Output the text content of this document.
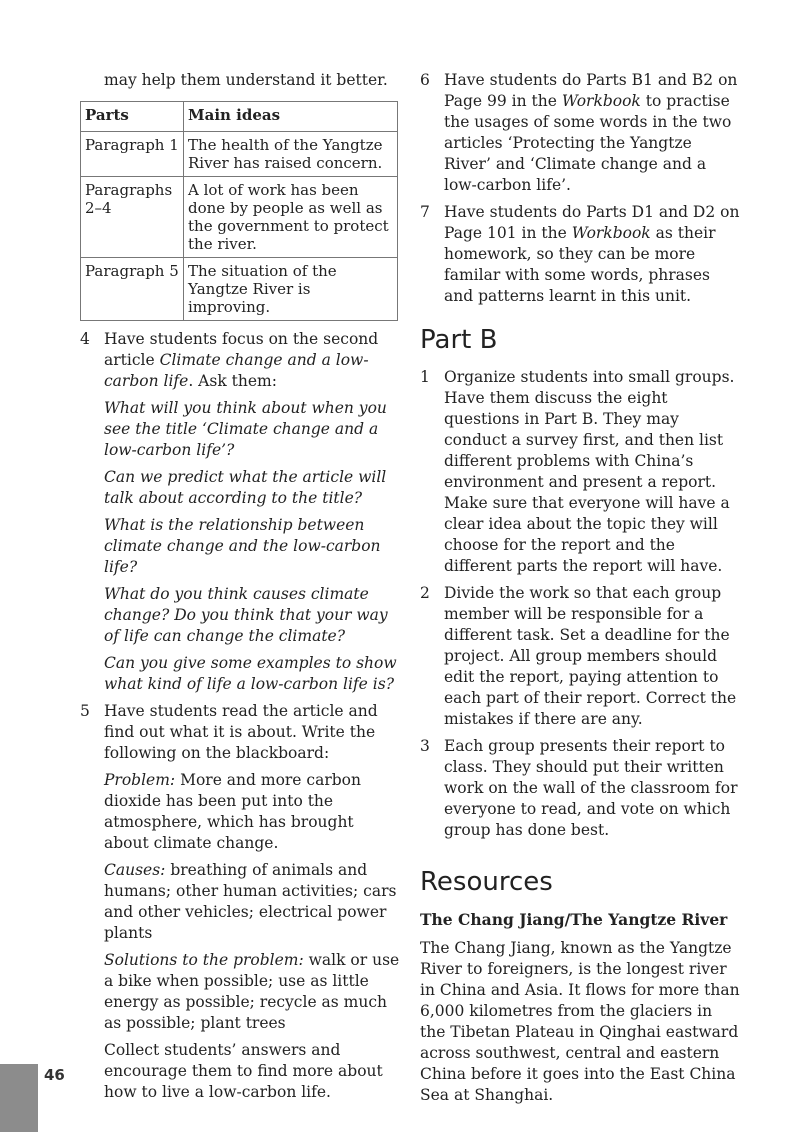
may help them understand it better.

Parts	Main ideas
Paragraph 1	The health of the Yangtze River has raised concern.
Paragraphs 2–4	A lot of work has been done by people as well as the government to protect the river.
Paragraph 5	The situation of the Yangtze River is improving.
4 Have students focus on the second article Climate change and a low-carbon life. Ask them:

What will you think about when you see the title ‘Climate change and a low-carbon life’?

Can we predict what the article will talk about according to the title?

What is the relationship between climate change and the low-carbon life?

What do you think causes climate change? Do you think that your way of life can change the climate?

Can you give some examples to show what kind of life a low-carbon life is?

5 Have students read the article and find out what it is about. Write the following on the blackboard:

Problem: More and more carbon dioxide has been put into the atmosphere, which has brought about climate change.

Causes: breathing of animals and humans; other human activities; cars and other vehicles; electrical power plants

Solutions to the problem: walk or use a bike when possible; use as little energy as possible; recycle as much as possible; plant trees

Collect students’ answers and encourage them to find more about how to live a low-carbon life.

6 Have students do Parts B1 and B2 on Page 99 in the Workbook to practise the usages of some words in the two articles ‘Protecting the Yangtze River’ and ‘Climate change and a low-carbon life’.
7 Have students do Parts D1 and D2 on Page 101 in the Workbook as their homework, so they can be more familar with some words, phrases and patterns learnt in this unit.
Part B
1 Organize students into small groups. Have them discuss the eight questions in Part B. They may conduct a survey first, and then list different problems with China’s environment and present a report. Make sure that everyone will have a clear idea about the topic they will choose for the report and the different parts the report will have.
2 Divide the work so that each group member will be responsible for a different task. Set a deadline for the project. All group members should edit the report, paying attention to each part of their report. Correct the mistakes if there are any.
3 Each group presents their report to class. They should put their written work on the wall of the classroom for everyone to read, and vote on which group has done best.
Resources

The Chang Jiang/The Yangtze River

The Chang Jiang, known as the Yangtze River to foreigners, is the longest river in China and Asia. It flows for more than 6,000 kilometres from the glaciers in the Tibetan Plateau in Qinghai eastward across southwest, central and eastern China before it goes into the East China Sea at Shanghai.

46
